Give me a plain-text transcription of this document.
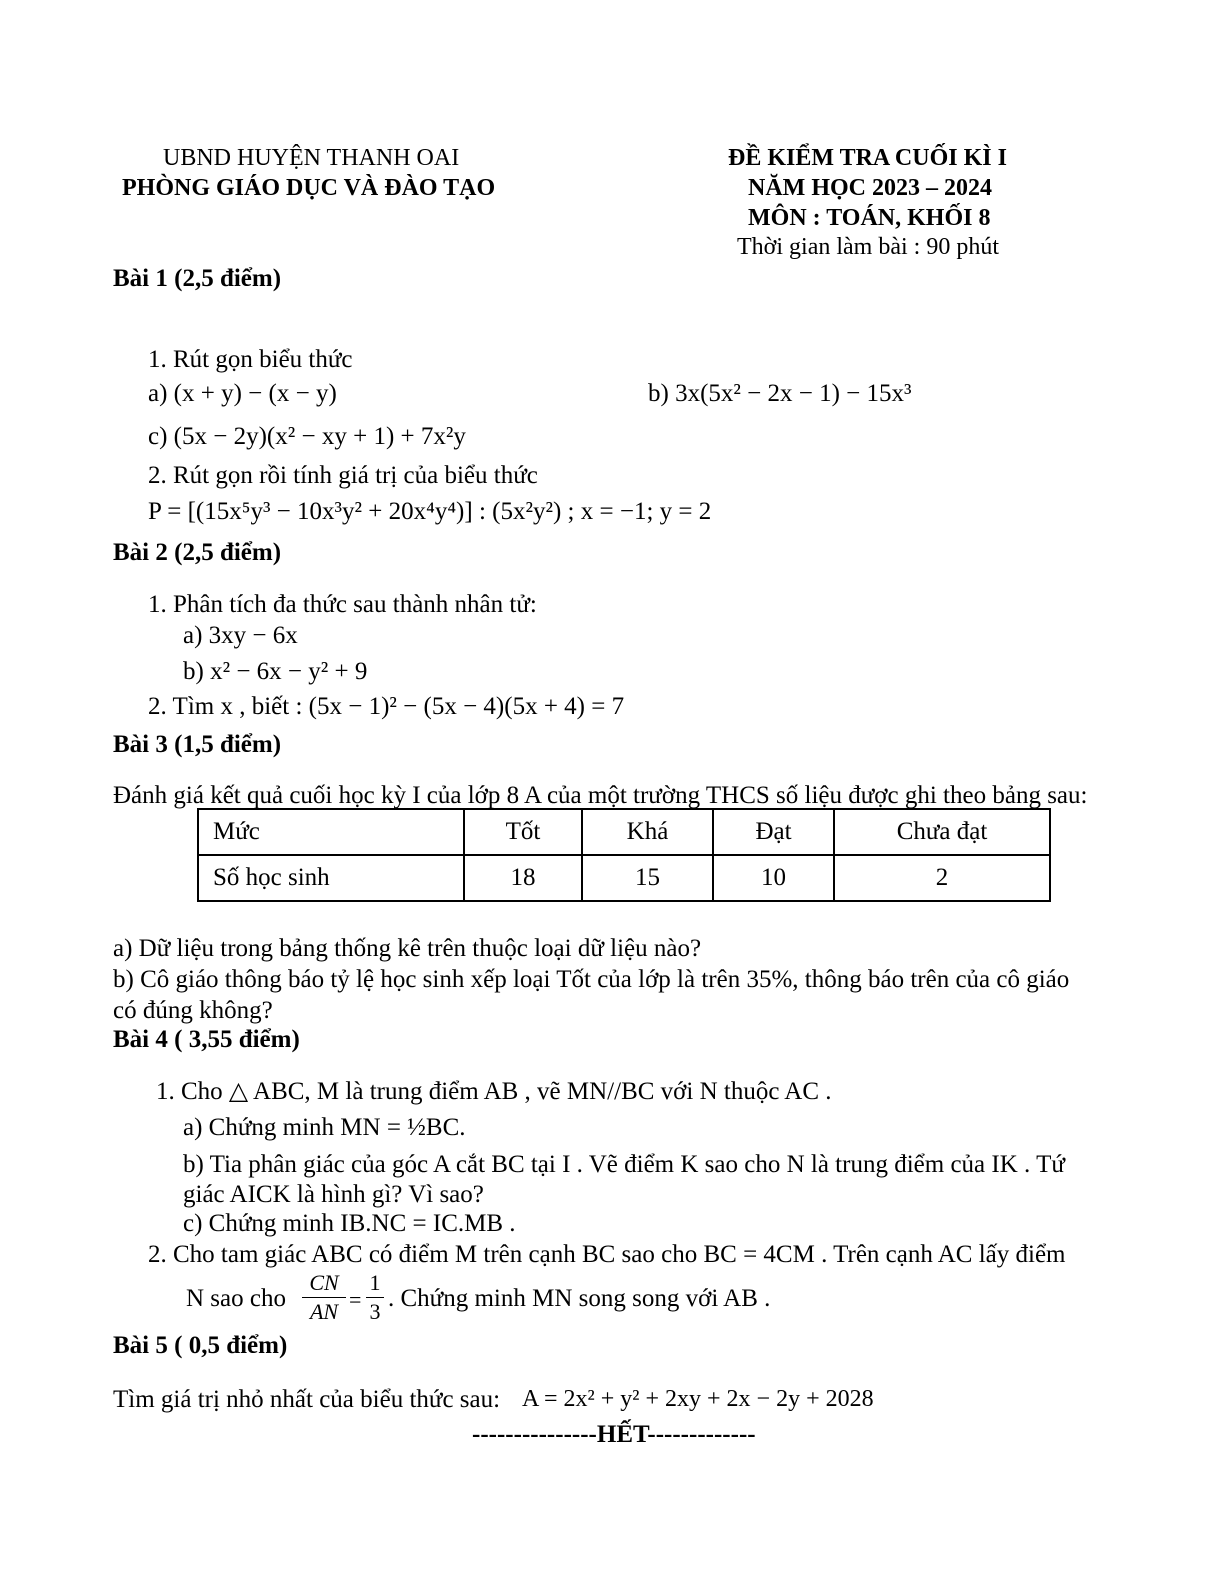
UBND HUYỆN THANH OAI
PHÒNG GIÁO DỤC VÀ ĐÀO TẠO
ĐỀ KIỂM TRA CUỐI KÌ I
NĂM HỌC 2023 – 2024
MÔN : TOÁN, KHỐI 8
Thời gian làm bài : 90 phút
Bài 1 (2,5 điểm)
1. Rút gọn biểu thức
a) (x + y) − (x − y)	b) 3x(5x² − 2x − 1) − 15x³
c) (5x − 2y)(x² − xy + 1) + 7x²y
2. Rút gọn rồi tính giá trị của biểu thức
P = [(15x⁵y³ − 10x³y² + 20x⁴y⁴)] : (5x²y²) ; x = −1; y = 2
Bài 2 (2,5 điểm)
1. Phân tích đa thức sau thành nhân tử:
a) 3xy − 6x
b) x² − 6x − y² + 9
2. Tìm x , biết : (5x − 1)² − (5x − 4)(5x + 4) = 7
Bài 3 (1,5 điểm)
Đánh giá kết quả cuối học kỳ I của lớp 8 A của một trường THCS số liệu được ghi theo bảng sau:
Mức	Tốt	Khá	Đạt	Chưa đạt
Số học sinh	18	15	10	2
a) Dữ liệu trong bảng thống kê trên thuộc loại dữ liệu nào?
b) Cô giáo thông báo tỷ lệ học sinh xếp loại Tốt của lớp là trên 35%, thông báo trên của cô giáo
có đúng không?
Bài 4 ( 3,55 điểm)
1. Cho △ ABC, M là trung điểm AB , vẽ MN//BC với N thuộc AC .
a) Chứng minh MN = ½BC.
b) Tia phân giác của góc A cắt BC tại I . Vẽ điểm K sao cho N là trung điểm của IK . Tứ
giác AICK là hình gì? Vì sao?
c) Chứng minh IB.NC = IC.MB .
2. Cho tam giác ABC có điểm M trên cạnh BC sao cho BC = 4CM . Trên cạnh AC lấy điểm
N sao cho
CN
AN =
1
3 . Chứng minh MN song song với AB .
Bài 5 ( 0,5 điểm)
Tìm giá trị nhỏ nhất của biểu thức sau: A = 2x² + y² + 2xy + 2x − 2y + 2028
---------------HẾT-------------
